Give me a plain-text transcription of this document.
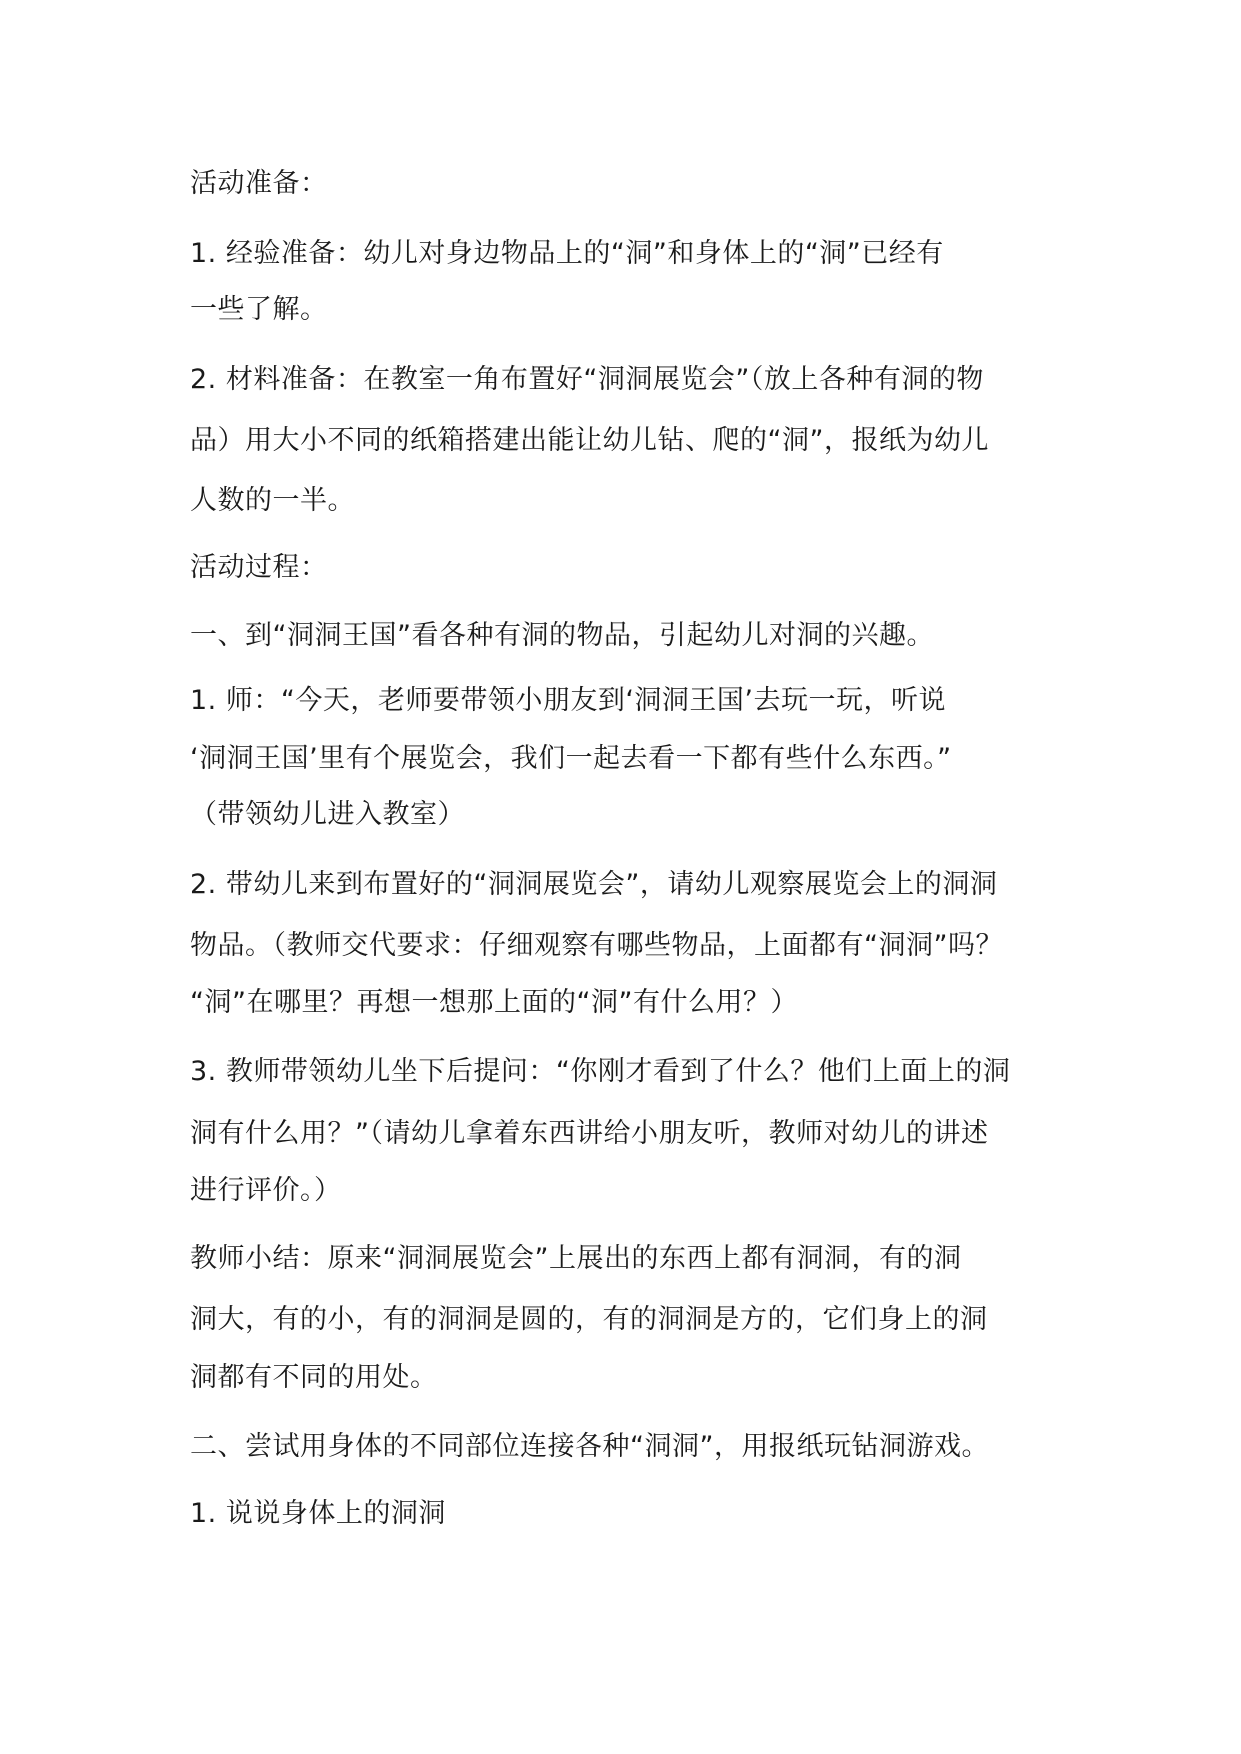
活动准备：
1. 经验准备：幼儿对身边物品上的“洞”和身体上的“洞”已经有
一些了解。
2. 材料准备：在教室一角布置好“洞洞展览会”（放上各种有洞的物
品）用大小不同的纸箱搭建出能让幼儿钻、爬的“洞”，报纸为幼儿
人数的一半。
活动过程：
一、到“洞洞王国”看各种有洞的物品，引起幼儿对洞的兴趣。
1. 师：“今天，老师要带领小朋友到‘洞洞王国’去玩一玩，听说
‘洞洞王国’里有个展览会，我们一起去看一下都有些什么东西。”
（带领幼儿进入教室）
2. 带幼儿来到布置好的“洞洞展览会”，请幼儿观察展览会上的洞洞
物品。（教师交代要求：仔细观察有哪些物品，上面都有“洞洞”吗？
“洞”在哪里？再想一想那上面的“洞”有什么用？）
3. 教师带领幼儿坐下后提问：“你刚才看到了什么？他们上面上的洞
洞有什么用？”（请幼儿拿着东西讲给小朋友听，教师对幼儿的讲述
进行评价。）
教师小结：原来“洞洞展览会”上展出的东西上都有洞洞，有的洞
洞大，有的小，有的洞洞是圆的，有的洞洞是方的，它们身上的洞
洞都有不同的用处。
二、尝试用身体的不同部位连接各种“洞洞”，用报纸玩钻洞游戏。
1. 说说身体上的洞洞
